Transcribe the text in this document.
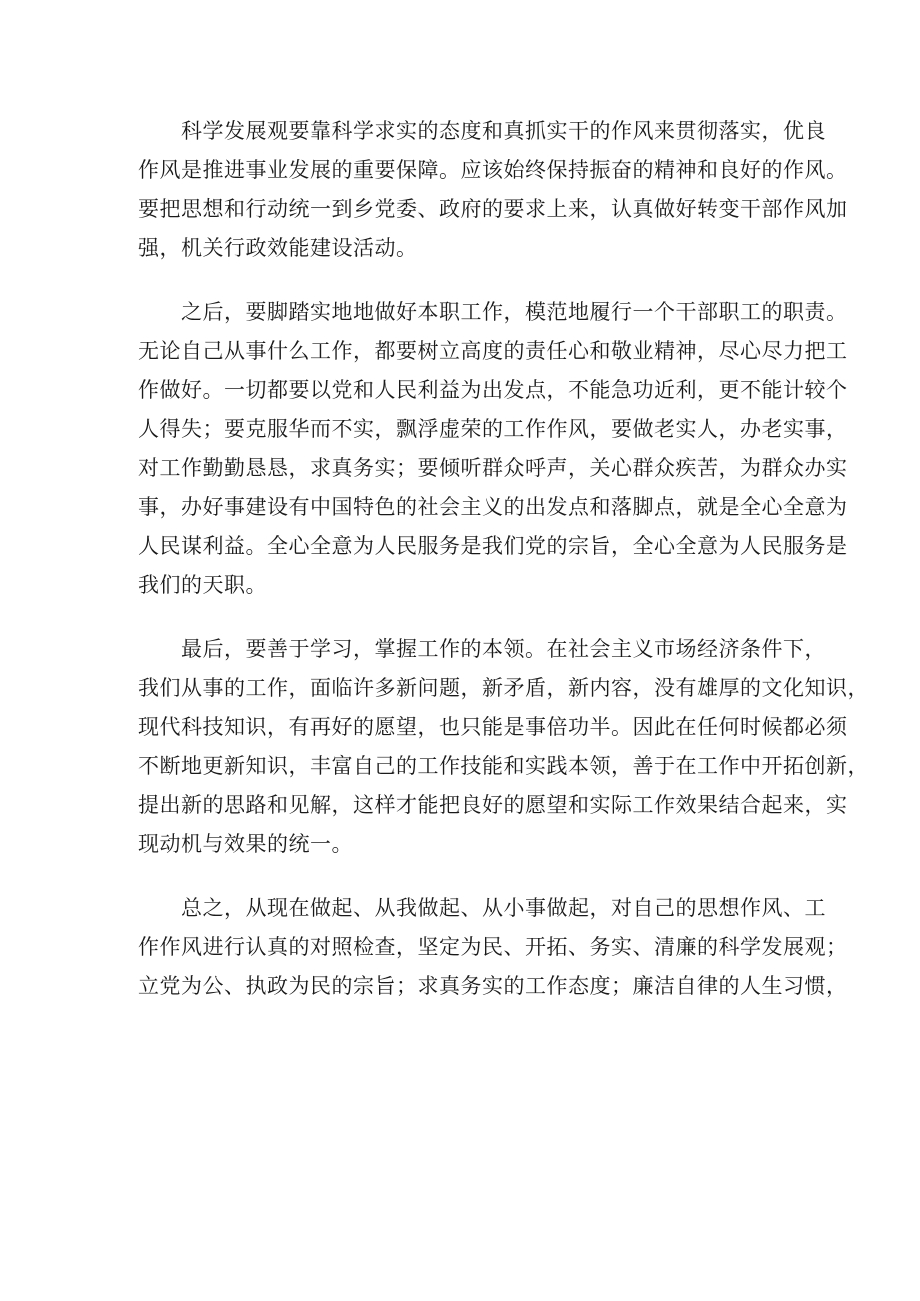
　　科学发展观要靠科学求实的态度和真抓实干的作风来贯彻落实，优良
作风是推进事业发展的重要保障。应该始终保持振奋的精神和良好的作风。
要把思想和行动统一到乡党委、政府的要求上来，认真做好转变干部作风加
强，机关行政效能建设活动。

　　之后，要脚踏实地地做好本职工作，模范地履行一个干部职工的职责。
无论自己从事什么工作，都要树立高度的责任心和敬业精神，尽心尽力把工
作做好。一切都要以党和人民利益为出发点，不能急功近利，更不能计较个
人得失；要克服华而不实，飘浮虚荣的工作作风，要做老实人，办老实事，
对工作勤勤恳恳，求真务实；要倾听群众呼声，关心群众疾苦，为群众办实
事，办好事建设有中国特色的社会主义的出发点和落脚点，就是全心全意为
人民谋利益。全心全意为人民服务是我们党的宗旨，全心全意为人民服务是
我们的天职。

　　最后，要善于学习，掌握工作的本领。在社会主义市场经济条件下，
我们从事的工作，面临许多新问题，新矛盾，新内容，没有雄厚的文化知识，
现代科技知识，有再好的愿望，也只能是事倍功半。因此在任何时候都必须
不断地更新知识，丰富自己的工作技能和实践本领，善于在工作中开拓创新，
提出新的思路和见解，这样才能把良好的愿望和实际工作效果结合起来，实
现动机与效果的统一。

　　总之，从现在做起、从我做起、从小事做起，对自己的思想作风、工
作作风进行认真的对照检查，坚定为民、开拓、务实、清廉的科学发展观；
立党为公、执政为民的宗旨；求真务实的工作态度；廉洁自律的人生习惯，
